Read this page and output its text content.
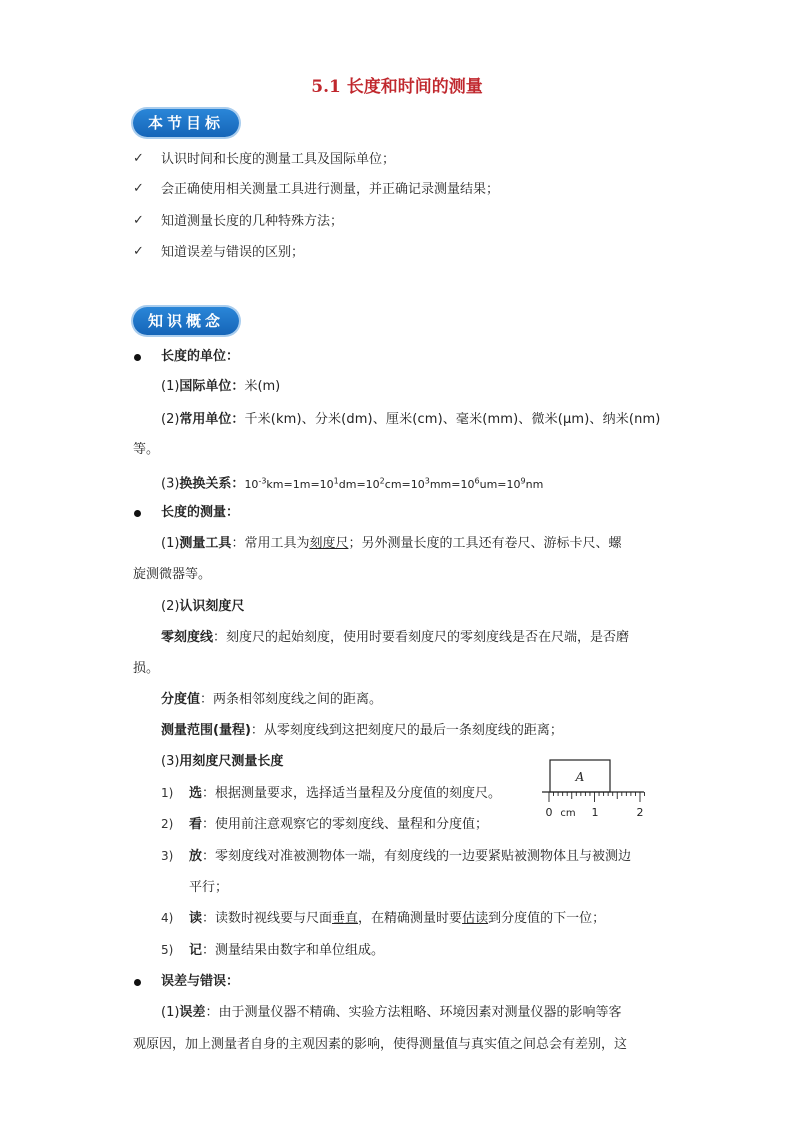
5.1 长度和时间的测量
本节目标
✓ 认识时间和长度的测量工具及国际单位；
✓ 会正确使用相关测量工具进行测量，并正确记录测量结果；
✓ 知道测量长度的几种特殊方法；
✓ 知道误差与错误的区别；
知识概念
长度的单位：
(1)国际单位：米(m)
(2)常用单位：千米(km)、分米(dm)、厘米(cm)、毫米(mm)、微米(μm)、纳米(nm)
等。
(3)换换关系：$10^{-3}km=1m=10^1dm=10^2cm=10^3mm=10^6um=10^9nm$
长度的测量：
(1)测量工具：常用工具为刻度尺；另外测量长度的工具还有卷尺、游标卡尺、螺
旋测微器等。
(2)认识刻度尺
零刻度线：刻度尺的起始刻度，使用时要看刻度尺的零刻度线是否在尺端，是否磨
损。
分度值：两条相邻刻度线之间的距离。
测量范围(量程)：从零刻度线到这把刻度尺的最后一条刻度线的距离；
(3)用刻度尺测量长度
1) 选：根据测量要求，选择适当量程及分度值的刻度尺。
2) 看：使用前注意观察它的零刻度线、量程和分度值；
3) 放：零刻度线对准被测物体一端，有刻度线的一边要紧贴被测物体且与被测边
平行；
4) 读：读数时视线要与尺面垂直，在精确测量时要估读到分度值的下一位；
5) 记：测量结果由数字和单位组成。
A
0 cm 1	2
误差与错误：
(1)误差：由于测量仪器不精确、实验方法粗略、环境因素对测量仪器的影响等客
观原因，加上测量者自身的主观因素的影响，使得测量值与真实值之间总会有差别，这
